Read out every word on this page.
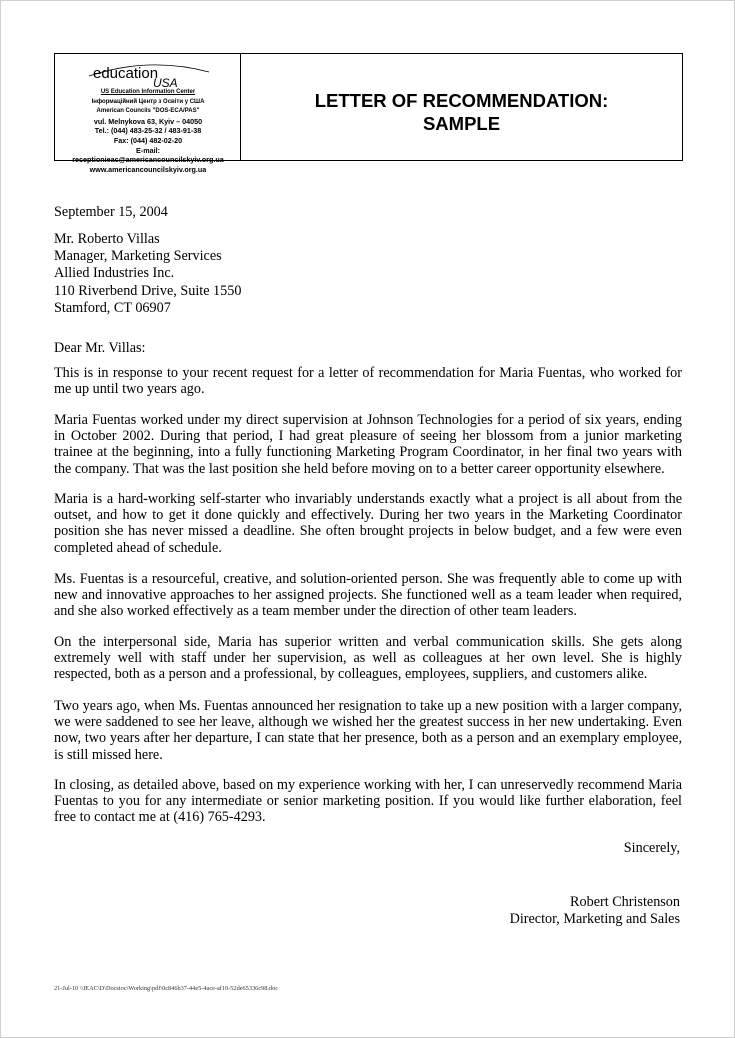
education
USA
US Education Information Center
Інформаційний Центр з Освіти у США
American Councils "DOS-ECA/PAS"
vul. Melnykova 63, Kyiv – 04050
Tel.: (044) 483-25-32 / 483-91-38
Fax: (044) 482-02-20
E-mail:
receptioniеac@americancouncilskyiv.org.ua
www.americancouncilskyiv.org.ua
LETTER OF RECOMMENDATION:
SAMPLE
September 15, 2004
Mr. Roberto Villas
Manager, Marketing Services
Allied Industries Inc.
110 Riverbend Drive, Suite 1550
Stamford, CT 06907
Dear Mr. Villas:

This is in response to your recent request for a letter of recommendation for Maria Fuentas, who worked for me up until two years ago.

Maria Fuentas worked under my direct supervision at Johnson Technologies for a period of six years, ending in October 2002. During that period, I had great pleasure of seeing her blossom from a junior marketing trainee at the beginning, into a fully functioning Marketing Program Coordinator, in her final two years with the company. That was the last position she held before moving on to a better career opportunity elsewhere.

Maria is a hard-working self-starter who invariably understands exactly what a project is all about from the outset, and how to get it done quickly and effectively. During her two years in the Marketing Coordinator position she has never missed a deadline. She often brought projects in below budget, and a few were even completed ahead of schedule.

Ms. Fuentas is a resourceful, creative, and solution-oriented person. She was frequently able to come up with new and innovative approaches to her assigned projects. She functioned well as a team leader when required, and she also worked effectively as a team member under the direction of other team leaders.

On the interpersonal side, Maria has superior written and verbal communication skills. She gets along extremely well with staff under her supervision, as well as colleagues at her own level. She is highly respected, both as a person and a professional, by colleagues, employees, suppliers, and customers alike.

Two years ago, when Ms. Fuentas announced her resignation to take up a new position with a larger company, we were saddened to see her leave, although we wished her the greatest success in her new undertaking. Even now, two years after her departure, I can state that her presence, both as a person and an exemplary employee, is still missed here.

In closing, as detailed above, based on my experience working with her, I can unreservedly recommend Maria Fuentas to you for any intermediate or senior marketing position. If you would like further elaboration, feel free to contact me at (416) 765-4293.

Sincerely,
Robert Christenson
Director, Marketing and Sales
21-Jul-10 \\IEAC\D\Docstoc\Working\pdf\0c846b37-44e5-4ace-af10-52de65336c98.doc
